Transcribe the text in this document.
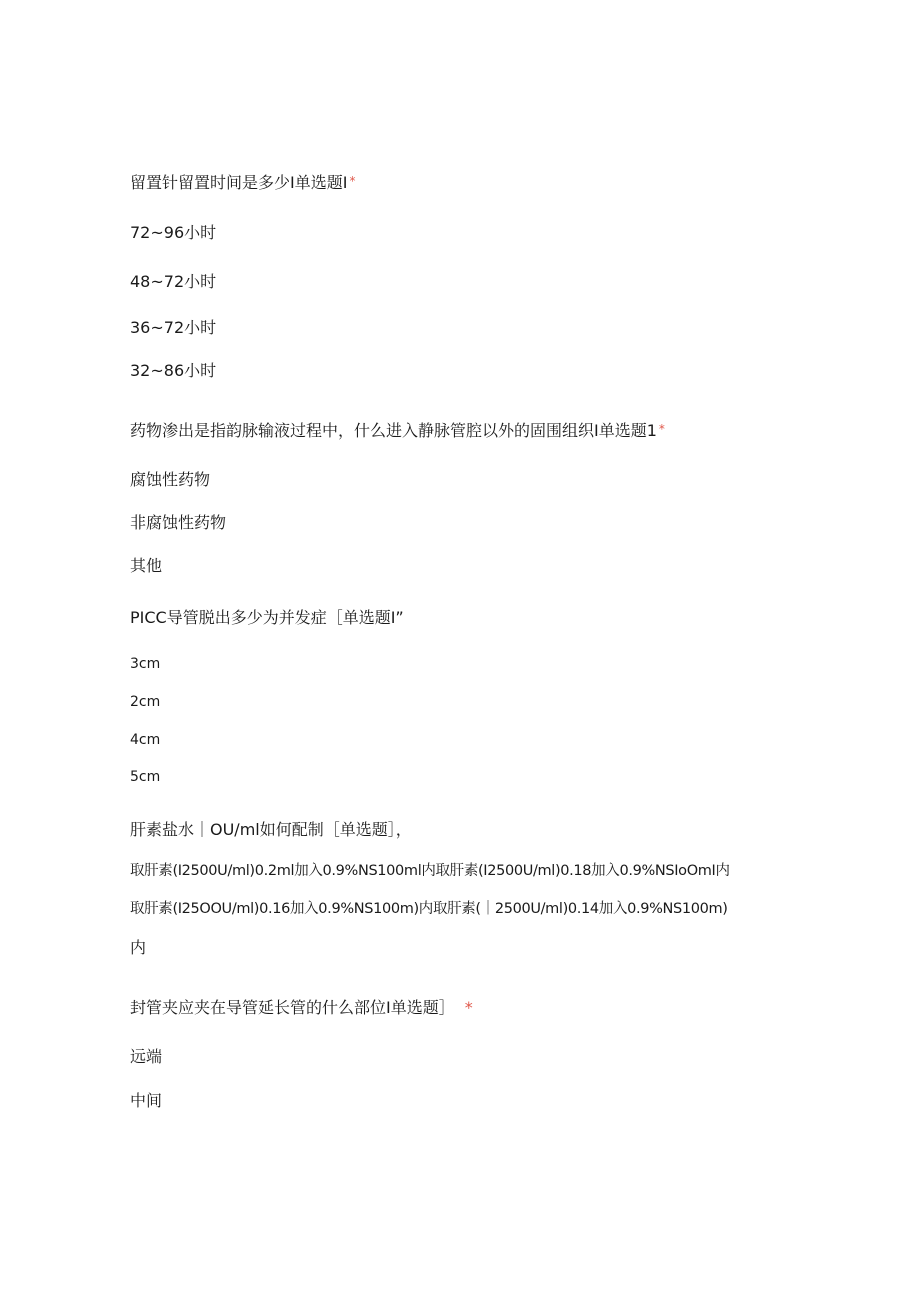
留置针留置时间是多少I单选题I *
72~96小时
48~72小时
36~72小时
32~86小时
药物渗出是指韵脉输液过程中，什么进入静脉管腔以外的固围组织I单选题1 *
腐蚀性药物
非腐蚀性药物
其他
PICC导管脱出多少为并发症［单选题I”
3cm
2cm
4cm
5cm
肝素盐水｜OU∕ml如何配制［单选题］，
取肝素(I2500U∕ml)0.2ml加入0.9%NS100ml内取肝素(I2500U∕ml)0.18加入0.9%NSIoOmI内
取肝素(I25OOU∕ml)0.16加入0.9%NS100m)内取肝素(｜2500U∕ml)0.14加入0.9%NS100m)
内
封管夹应夹在导管延长管的什么部位I单选题］ *
远端
中间
